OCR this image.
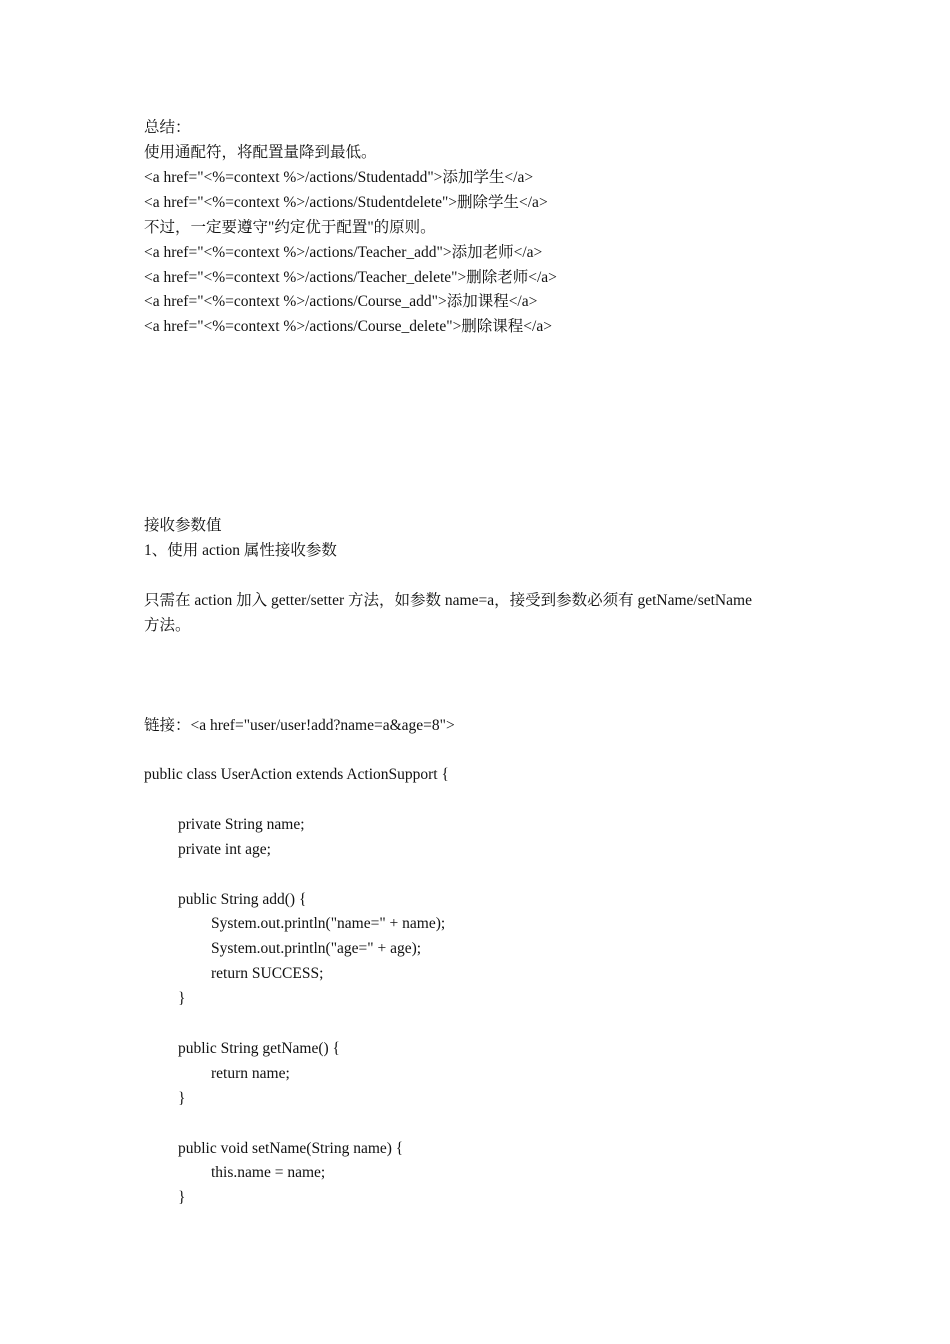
总结：
使用通配符，将配置量降到最低。
<a href="<%=context %>/actions/Studentadd">添加学生</a>
<a href="<%=context %>/actions/Studentdelete">删除学生</a>
不过，一定要遵守"约定优于配置"的原则。
<a href="<%=context %>/actions/Teacher_add">添加老师</a>
<a href="<%=context %>/actions/Teacher_delete">删除老师</a>
<a href="<%=context %>/actions/Course_add">添加课程</a>
<a href="<%=context %>/actions/Course_delete">删除课程</a>
接收参数值
1、使用 action 属性接收参数
只需在 action 加入 getter/setter 方法，如参数 name=a，接受到参数必须有 getName/setName
方法。
链接：<a href="user/user!add?name=a&age=8">
public class UserAction extends ActionSupport {
private String name;
private int age;
public String add() {
System.out.println("name=" + name);
System.out.println("age=" + age);
return SUCCESS;
}
public String getName() {
return name;
}
public void setName(String name) {
this.name = name;
}
